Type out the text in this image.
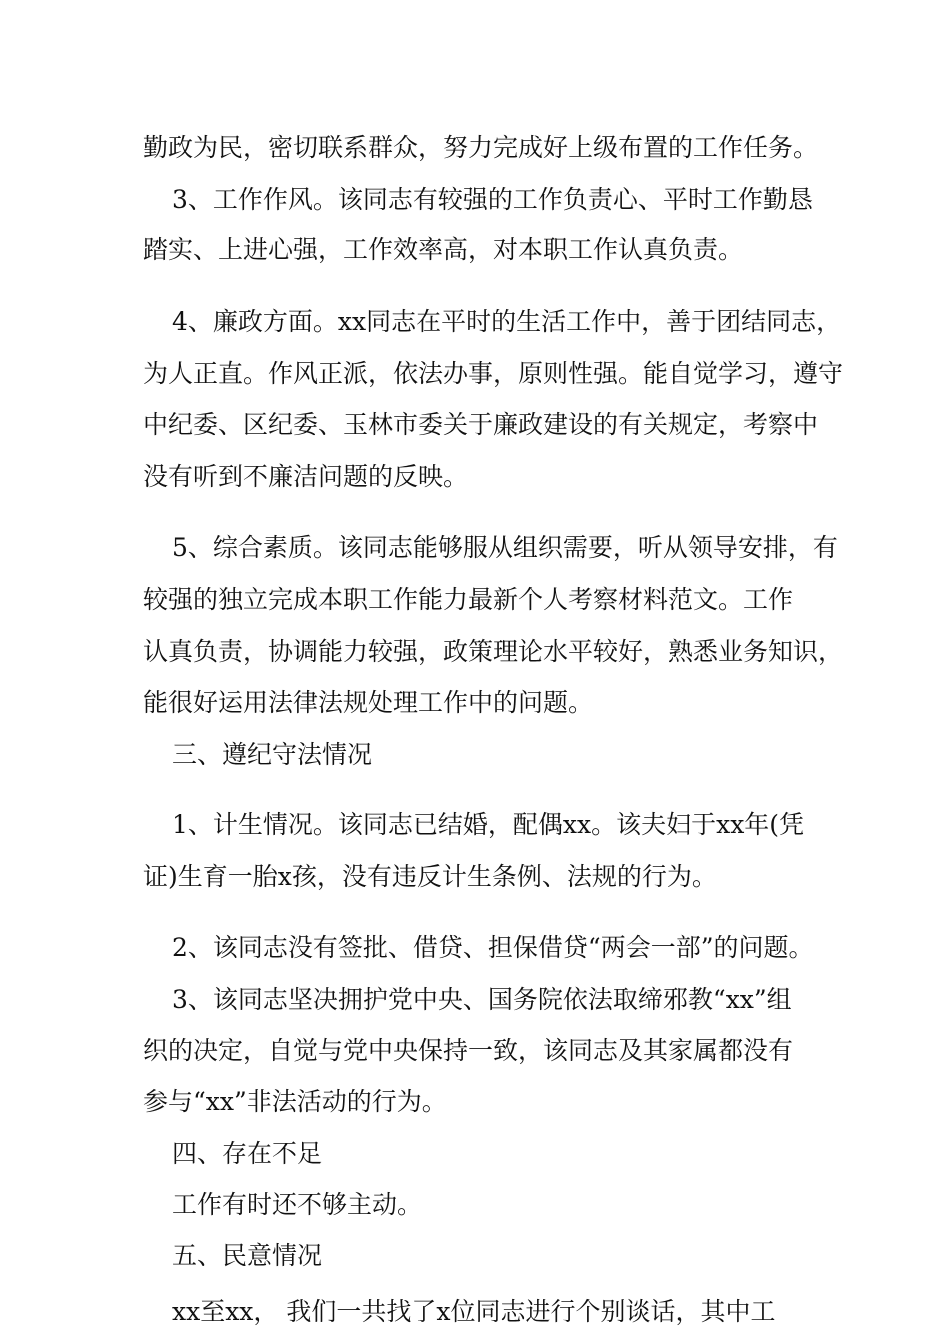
勤政为民，密切联系群众，努力完成好上级布置的工作任务。
3、工作作风。该同志有较强的工作负责心、平时工作勤恳
踏实、上进心强，工作效率高，对本职工作认真负责。
4、廉政方面。xx同志在平时的生活工作中，善于团结同志，
为人正直。作风正派，依法办事，原则性强。能自觉学习，遵守
中纪委、区纪委、玉林市委关于廉政建设的有关规定，考察中
没有听到不廉洁问题的反映。
5、综合素质。该同志能够服从组织需要，听从领导安排，有
较强的独立完成本职工作能力最新个人考察材料范文。工作
认真负责，协调能力较强，政策理论水平较好，熟悉业务知识，
能很好运用法律法规处理工作中的问题。
三、遵纪守法情况
1、计生情况。该同志已结婚，配偶xx。该夫妇于xx年(凭
证)生育一胎x孩，没有违反计生条例、法规的行为。
2、该同志没有签批、借贷、担保借贷“两会一部”的问题。
3、该同志坚决拥护党中央、国务院依法取缔邪教“xx”组
织的决定，自觉与党中央保持一致，该同志及其家属都没有
参与“xx”非法活动的行为。
四、存在不足
工作有时还不够主动。
五、民意情况
xx至xx， 我们一共找了x位同志进行个别谈话，其中工
